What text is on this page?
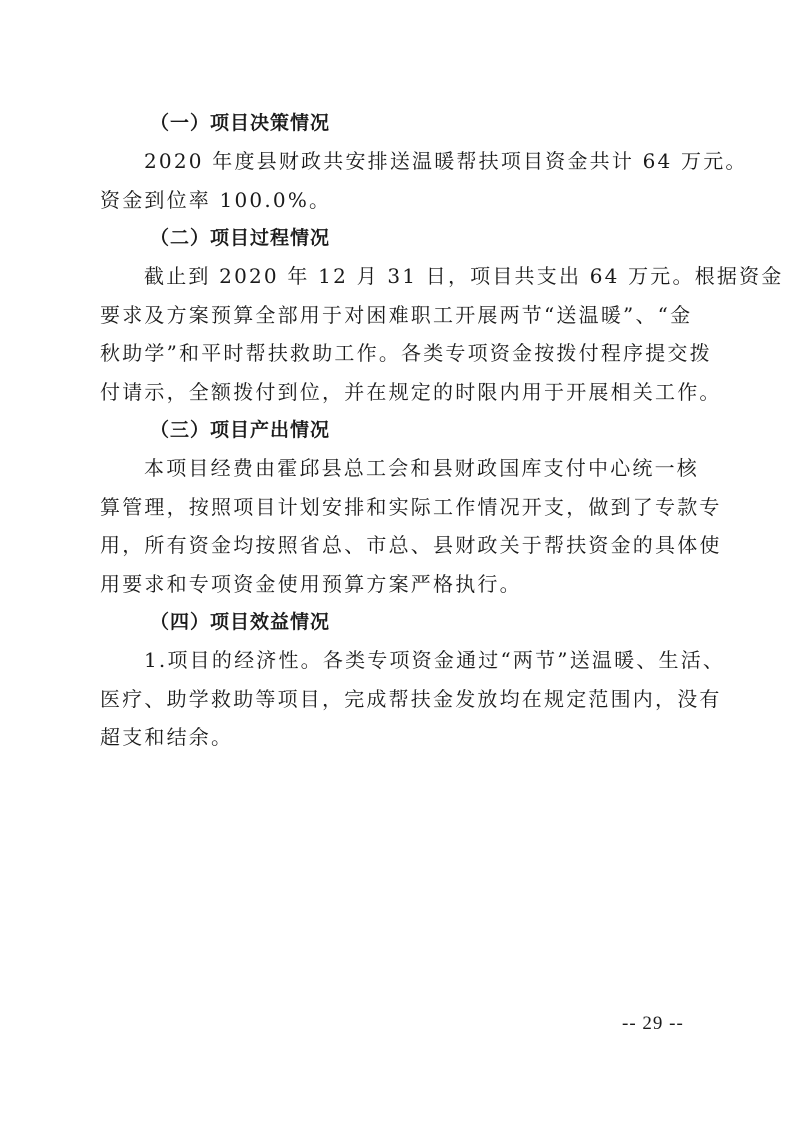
（一）项目决策情况

2020 年度县财政共安排送温暖帮扶项目资金共计 64 万元。
资金到位率 100.0%。

（二）项目过程情况

截止到 2020 年 12 月 31 日，项目共支出 64 万元。根据资金
要求及方案预算全部用于对困难职工开展两节“送温暖”、“金
秋助学”和平时帮扶救助工作。各类专项资金按拨付程序提交拨
付请示，全额拨付到位，并在规定的时限内用于开展相关工作。

（三）项目产出情况

本项目经费由霍邱县总工会和县财政国库支付中心统一核
算管理，按照项目计划安排和实际工作情况开支，做到了专款专
用，所有资金均按照省总、市总、县财政关于帮扶资金的具体使
用要求和专项资金使用预算方案严格执行。

（四）项目效益情况

1.项目的经济性。各类专项资金通过“两节”送温暖、生活、
医疗、助学救助等项目，完成帮扶金发放均在规定范围内，没有
超支和结余。

-- 29 --
